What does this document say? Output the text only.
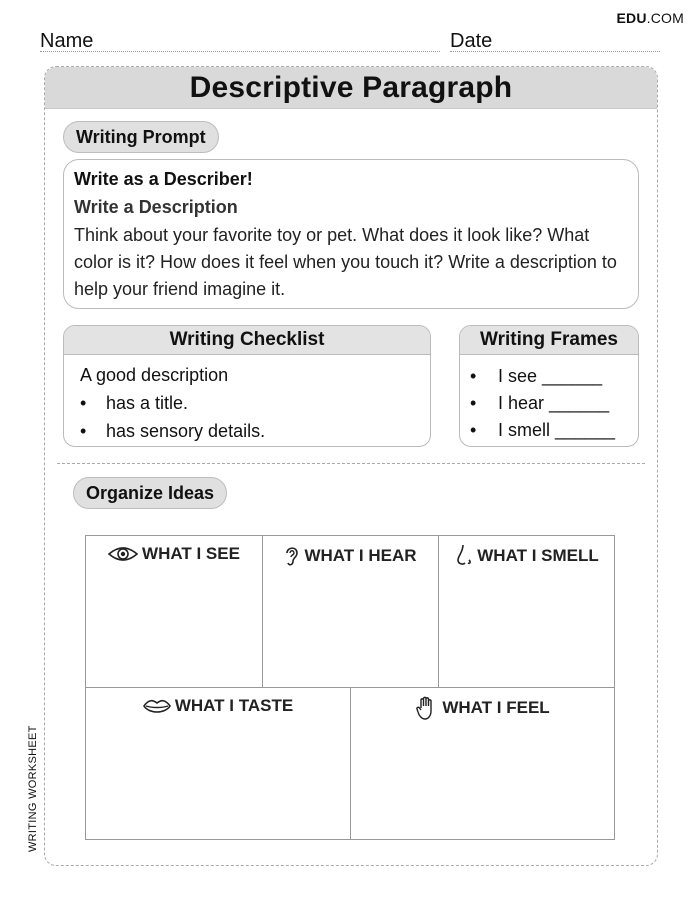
EDU.COM
Name	Date
Descriptive Paragraph
Writing Prompt
Write as a Describer!
Write a Description
Think about your favorite toy or pet. What does it look like? What color is it? How does it feel when you touch it? Write a description to help your friend imagine it.
Writing Checklist
A good description
• has a title.
• has sensory details.
Writing Frames
• I see ______
• I hear ______
• I smell ______
Organize Ideas
WHAT I SEE	WHAT I HEAR	WHAT I SMELL
WHAT I TASTE	WHAT I FEEL
WRITING WORKSHEET
